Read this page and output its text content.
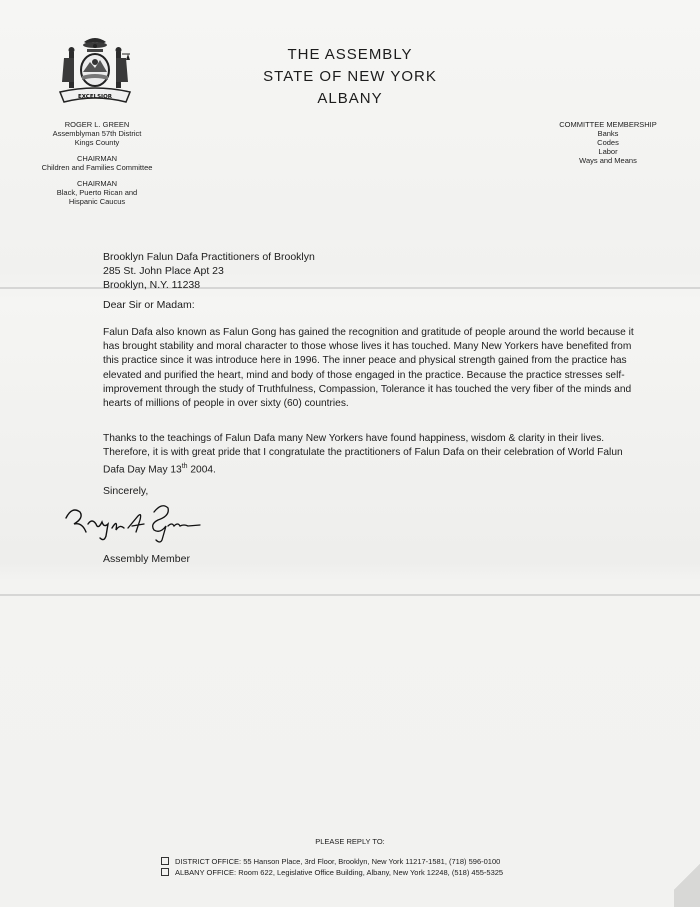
EXCELSIOR
THE ASSEMBLY
STATE OF NEW YORK
ALBANY
ROGER L. GREEN
Assemblyman 57th District
Kings County
CHAIRMAN
Children and Families Committee
CHAIRMAN
Black, Puerto Rican and
Hispanic Caucus
COMMITTEE MEMBERSHIP
Banks
Codes
Labor
Ways and Means
Brooklyn Falun Dafa Practitioners of Brooklyn
285 St. John Place Apt 23
Brooklyn, N.Y. 11238
Dear Sir or Madam:

Falun Dafa also known as Falun Gong has gained the recognition and gratitude of people around the world because it has brought stability and moral character to those whose lives it has touched. Many New Yorkers have benefited from this practice since it was introduce here in 1996. The inner peace and physical strength gained from the practice has elevated and purified the heart, mind and body of those engaged in the practice. Because the practice stresses self-improvement through the study of Truthfulness, Compassion, Tolerance it has touched the very fiber of the minds and hearts of millions of people in over sixty (60) countries.

Thanks to the teachings of Falun Dafa many New Yorkers have found happiness, wisdom & clarity in their lives. Therefore, it is with great pride that I congratulate the practitioners of Falun Dafa on their celebration of World Falun Dafa Day May 13th 2004.

Sincerely,
Assembly Member
PLEASE REPLY TO:
DISTRICT OFFICE: 55 Hanson Place, 3rd Floor, Brooklyn, New York 11217-1581, (718) 596-0100
ALBANY OFFICE: Room 622, Legislative Office Building, Albany, New York 12248, (518) 455-5325
